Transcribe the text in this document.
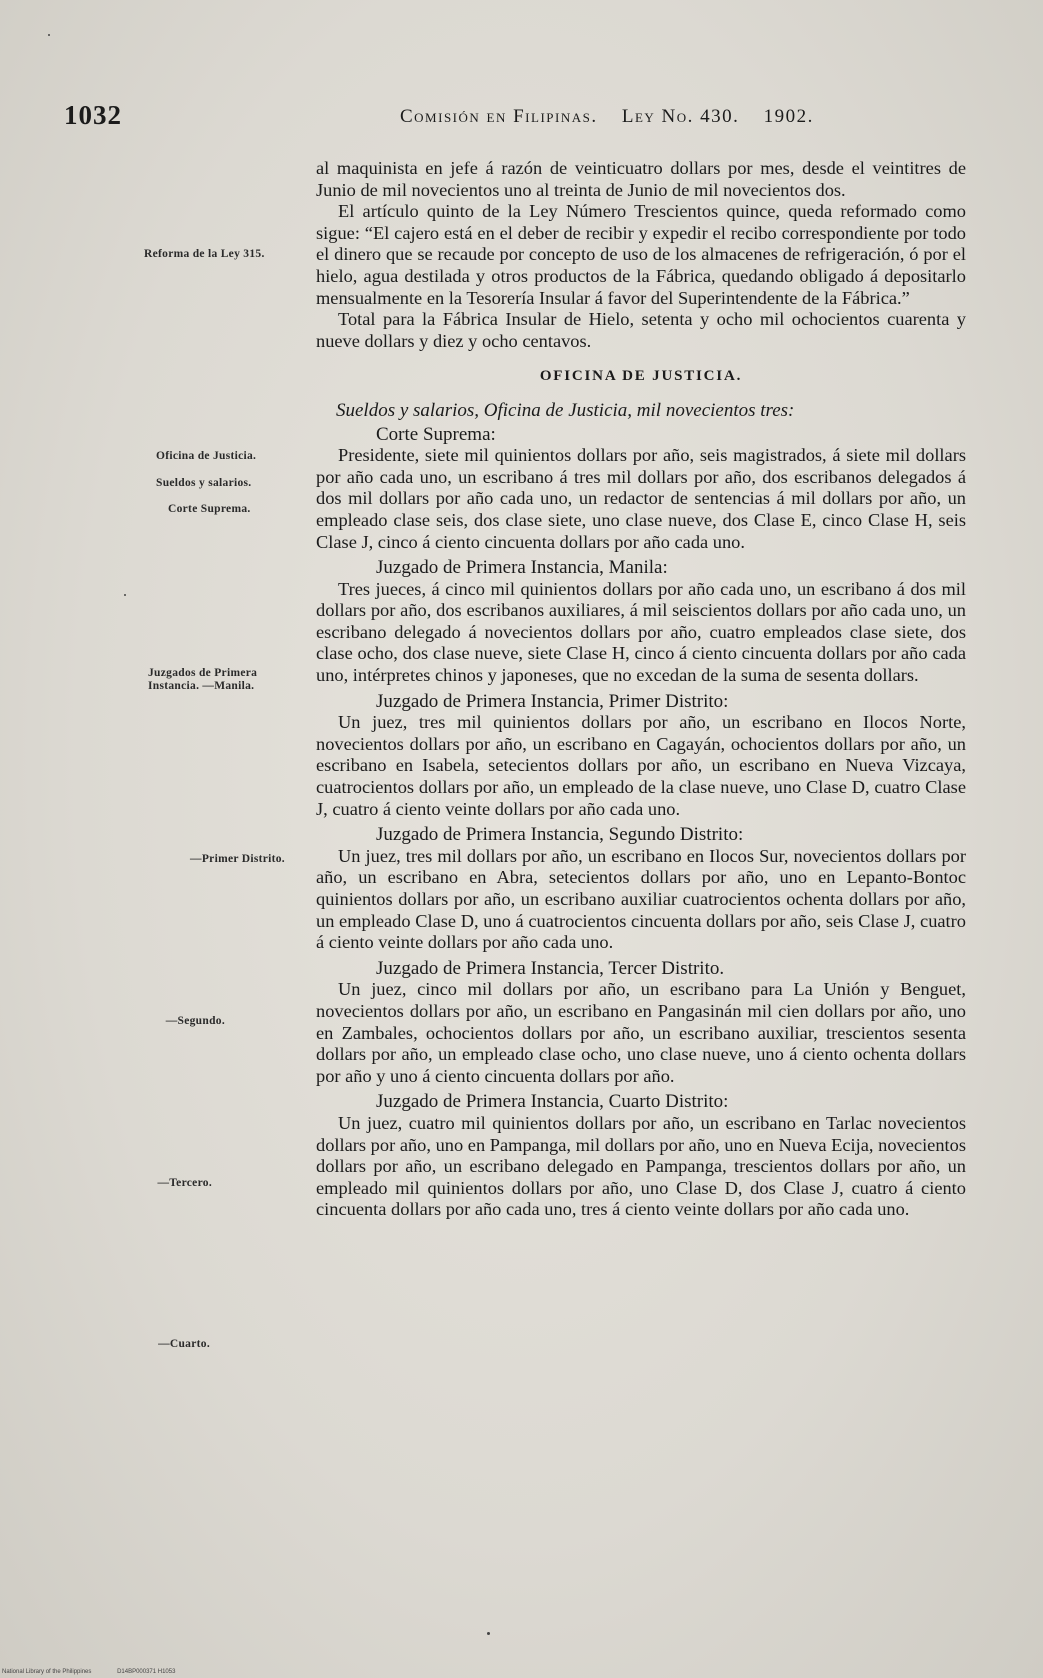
1032	Comisión en Filipinas. Ley No. 430. 1902.
Reforma de la Ley 315.
Oficina de Justicia.
Sueldos y salarios.
Corte Suprema.
Juzgados de Primera Instancia. —Manila.
—Primer Distrito.
—Segundo.
—Tercero.
—Cuarto.

al maquinista en jefe á razón de veinticuatro dollars por mes, desde el veintitres de Junio de mil novecientos uno al treinta de Junio de mil novecientos dos.

El artículo quinto de la Ley Número Trescientos quince, queda reformado como sigue: “El cajero está en el deber de recibir y expedir el recibo correspondiente por todo el dinero que se recaude por concepto de uso de los almacenes de refrigeración, ó por el hielo, agua destilada y otros productos de la Fábrica, quedando obligado á depositarlo mensualmente en la Tesorería Insular á favor del Superintendente de la Fábrica.”

Total para la Fábrica Insular de Hielo, setenta y ocho mil ochocientos cuarenta y nueve dollars y diez y ocho centavos.

OFICINA DE JUSTICIA.

Sueldos y salarios, Oficina de Justicia, mil novecientos tres:

Corte Suprema:

Presidente, siete mil quinientos dollars por año, seis magistrados, á siete mil dollars por año cada uno, un escribano á tres mil dollars por año, dos escribanos delegados á dos mil dollars por año cada uno, un redactor de sentencias á mil dollars por año, un empleado clase seis, dos clase siete, uno clase nueve, dos Clase E, cinco Clase H, seis Clase J, cinco á ciento cincuenta dollars por año cada uno.

Juzgado de Primera Instancia, Manila:

Tres jueces, á cinco mil quinientos dollars por año cada uno, un escribano á dos mil dollars por año, dos escribanos auxiliares, á mil seiscientos dollars por año cada uno, un escribano delegado á novecientos dollars por año, cuatro empleados clase siete, dos clase ocho, dos clase nueve, siete Clase H, cinco á ciento cincuenta dollars por año cada uno, intérpretes chinos y japoneses, que no excedan de la suma de sesenta dollars.

Juzgado de Primera Instancia, Primer Distrito:

Un juez, tres mil quinientos dollars por año, un escribano en Ilocos Norte, novecientos dollars por año, un escribano en Cagayán, ochocientos dollars por año, un escribano en Isabela, setecientos dollars por año, un escribano en Nueva Vizcaya, cuatrocientos dollars por año, un empleado de la clase nueve, uno Clase D, cuatro Clase J, cuatro á ciento veinte dollars por año cada uno.

Juzgado de Primera Instancia, Segundo Distrito:

Un juez, tres mil dollars por año, un escribano en Ilocos Sur, novecientos dollars por año, un escribano en Abra, setecientos dollars por año, uno en Lepanto-Bontoc quinientos dollars por año, un escribano auxiliar cuatrocientos ochenta dollars por año, un empleado Clase D, uno á cuatrocientos cincuenta dollars por año, seis Clase J, cuatro á ciento veinte dollars por año cada uno.

Juzgado de Primera Instancia, Tercer Distrito.

Un juez, cinco mil dollars por año, un escribano para La Unión y Benguet, novecientos dollars por año, un escribano en Pangasinán mil cien dollars por año, uno en Zambales, ochocientos dollars por año, un escribano auxiliar, trescientos sesenta dollars por año, un empleado clase ocho, uno clase nueve, uno á ciento ochenta dollars por año y uno á ciento cincuenta dollars por año.

Juzgado de Primera Instancia, Cuarto Distrito:

Un juez, cuatro mil quinientos dollars por año, un escribano en Tarlac novecientos dollars por año, uno en Pampanga, mil dollars por año, uno en Nueva Ecija, novecientos dollars por año, un escribano delegado en Pampanga, trescientos dollars por año, un empleado mil quinientos dollars por año, uno Clase D, dos Clase J, cuatro á ciento cincuenta dollars por año cada uno, tres á ciento veinte dollars por año cada uno.

National Library of the Philippines	D14BP000371 H1053
